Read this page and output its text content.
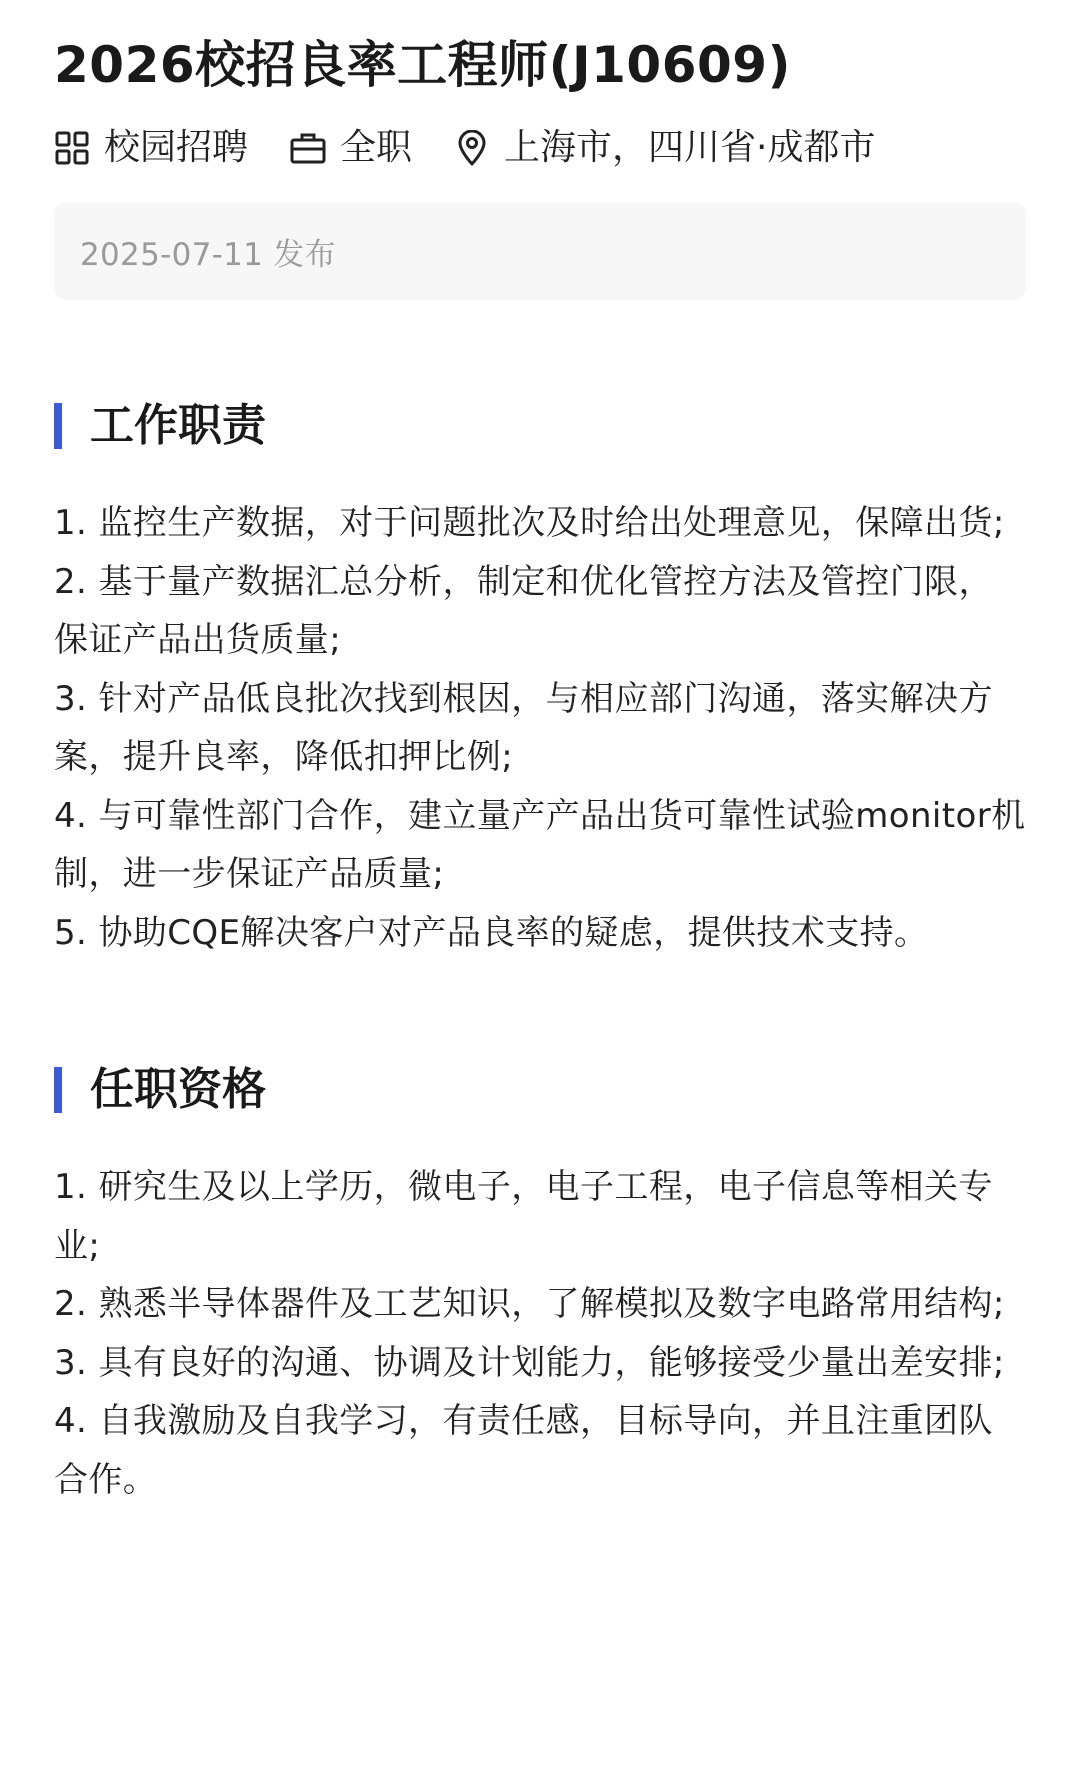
2026校招良率工程师(J10609)
校园招聘	全职	上海市，四川省·成都市
2025-07-11 发布
工作职责
1. 监控生产数据，对于问题批次及时给出处理意见，保障出货;
2. 基于量产数据汇总分析，制定和优化管控方法及管控门限，保证产品出货质量;
3. 针对产品低良批次找到根因，与相应部门沟通，落实解决方案，提升良率，降低扣押比例;
4. 与可靠性部门合作，建立量产产品出货可靠性试验monitor机制，进一步保证产品质量;
5. 协助CQE解决客户对产品良率的疑虑，提供技术支持。
任职资格
1. 研究生及以上学历，微电子，电子工程，电子信息等相关专业;
2. 熟悉半导体器件及工艺知识，了解模拟及数字电路常用结构;
3. 具有良好的沟通、协调及计划能力，能够接受少量出差安排;
4. 自我激励及自我学习，有责任感，目标导向，并且注重团队合作。
